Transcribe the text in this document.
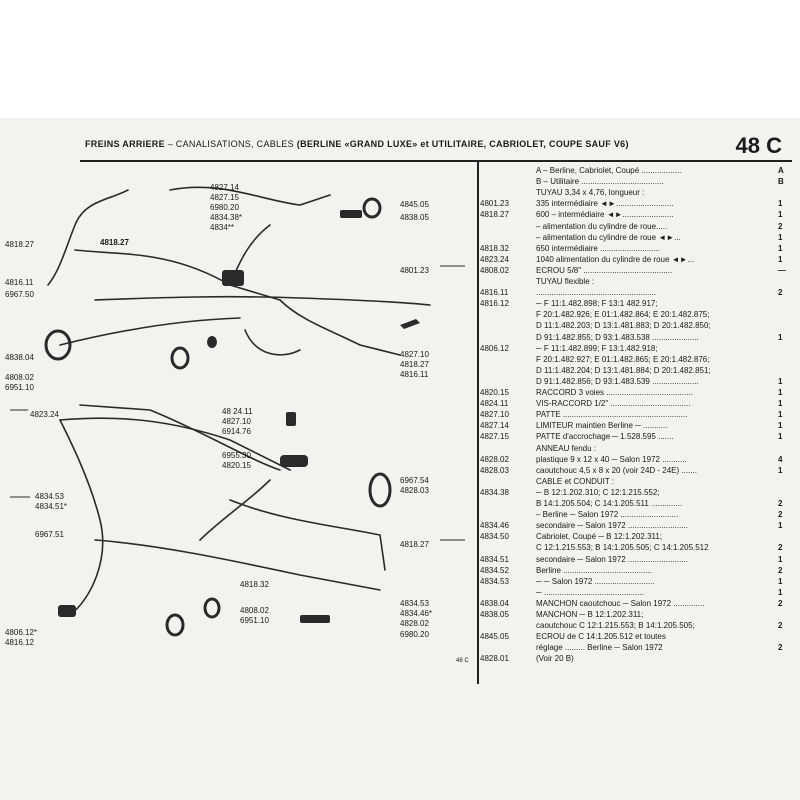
FREINS ARRIERE – CANALISATIONS, CABLES (BERLINE «GRAND LUXE» et UTILITAIRE, CABRIOLET, COUPE SAUF V6)	48 C
4827.14
4827.15
6980.20
4834.38*
4834**
4845.05
4838.05
4818.27	4818.27
4801.23
4816.11
6967.50
4838.04
4808.02
6951.10
4827.10
4818.27
4816.11
4823.24	48 24.11
4827.10
6914.76
6955.30
4820.15
6967.54
4828.03
4834.53
4834.51*
6967.51
4818.27
4818.32
4834.53
4834.46*
4808.02
6951.10	4828.02
4806.12*
4816.12
6980.20
A – Berline, Cabriolet, Coupé ..................	A
B – Utilitaire .....................................	B
TUYAU 3,34 x 4,76, longueur :
4801.23	335 intermédiaire ◄►..........................	1
4818.27	600 – intermédiaire ◄►.......................	1
– alimentation du cylindre de roue.....	2
– alimentation du cylindre de roue ◄►...	1
4818.32	650 intermédiaire ...........................	1
4823.24	1040 alimentation du cylindre de roue ◄►...	1
4808.02	ECROU 5/8" ........................................	—
TUYAU flexible :
4816.11	......................................................	2
4816.12	─ F 11:1.482.898; F 13:1 482.917;
F 20:1.482.926; E 01:1.482.864; E 20:1.482.875;
D 11:1.482.203; D 13:1.481.883; D 20:1.482.850;
D 91:1.482.855; D 93:1.483.538 .....................	1
4806.12	─ F 11:1.482.899; F 13:1.482.918;
F 20:1.482.927; E 01:1.482.865; E 20:1.482.876;
D 11:1.482.204; D 13:1.481.884; D 20:1.482.851;
D 91:1.482.856; D 93:1.483.539 .....................	1
4820.15	RACCORD 3 voies .......................................	1
4824.11	VIS-RACCORD 1/2" ....................................	1
4827.10	PATTE ........................................................	1
4827.14	LIMITEUR maintien Berline ─ ...........	1
4827.15	PATTE d'accrochage ─ 1.528.595 .......	1
ANNEAU fendu :
4828.02	plastique 9 x 12 x 40 ─ Salon 1972 ...........	4
4828.03	caoutchouc 4,5 x 8 x 20 (voir 24D - 24E) .......	1
CABLE et CONDUIT :
4834.38	─ B 12:1.202.310; C 12:1.215.552;
B 14:1.205.504; C 14:1.205.511 ..............	2
– Berline ─ Salon 1972 ..........................	2
4834.46	secondaire ─ Salon 1972 ...........................	1
4834.50	Cabriolet, Coupé ─ B 12:1.202.311;
C 12:1.215.553; B 14:1.205.505; C 14:1.205.512	2
4834.51	secondaire ─ Salon 1972 ...........................	1
4834.52	Berline ........................................	2
4834.53	─ ─ Salon 1972 ...........................	1
─ .............................................	1
4838.04	MANCHON caoutchouc ─ Salon 1972 ..............	2
4838.05	MANCHON ─ B 12:1.202.311;
caoutchouc C 12:1.215.553; B 14:1.205.505;	2
4845.05	ECROU de C 14:1.205.512 et toutes
réglage ......... Berline ─ Salon 1972	2
4828.01	(Voir 20 B)
48 C
